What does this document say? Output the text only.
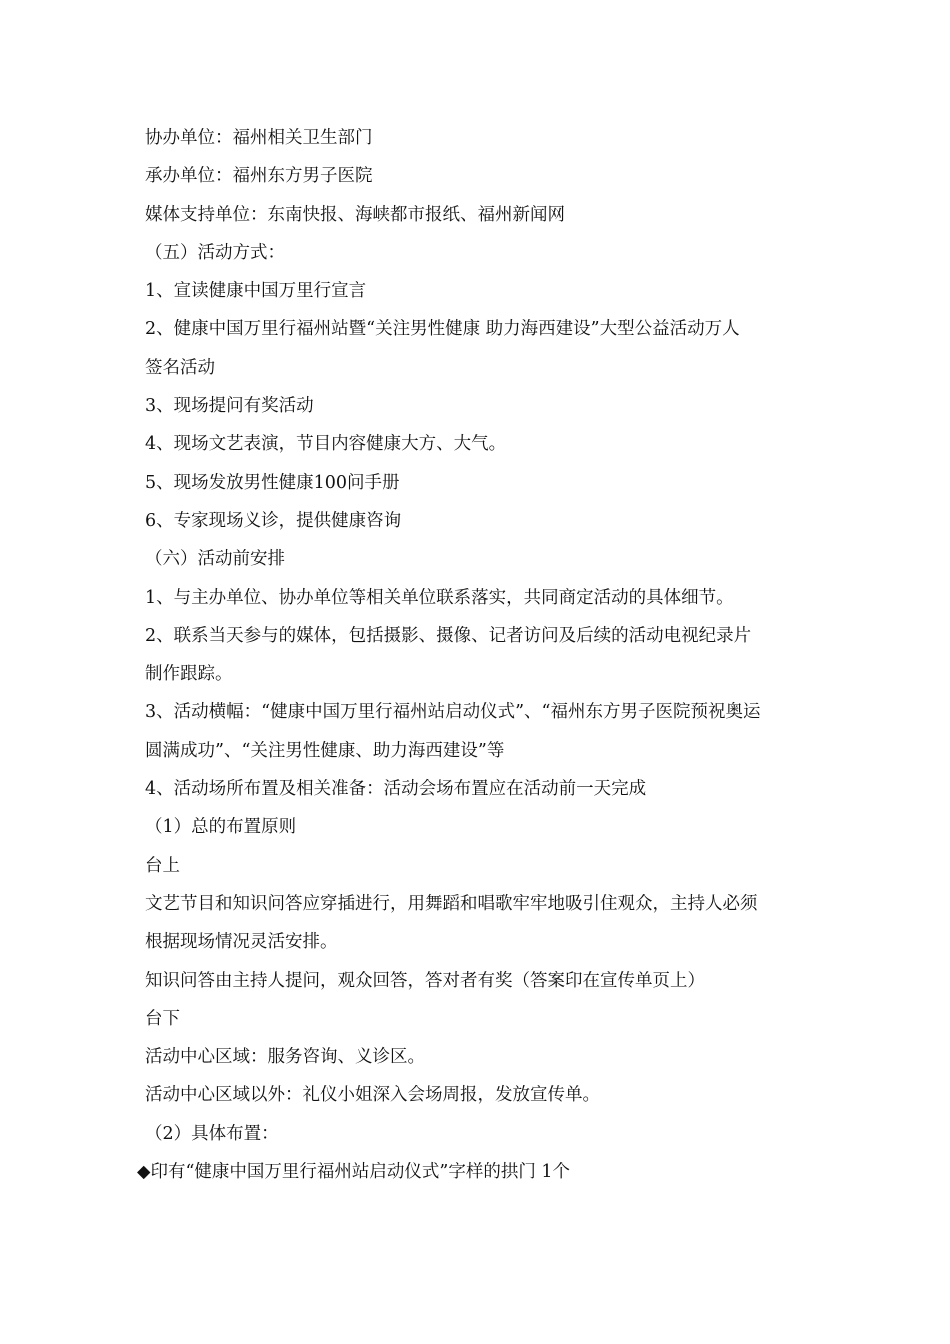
协办单位：福州相关卫生部门
承办单位：福州东方男子医院
媒体支持单位：东南快报、海峡都市报纸、福州新闻网
（五）活动方式：
1、宣读健康中国万里行宣言
2、健康中国万里行福州站暨“关注男性健康 助力海西建设”大型公益活动万人
签名活动
3、现场提问有奖活动
4、现场文艺表演，节目内容健康大方、大气。
5、现场发放男性健康100问手册
6、专家现场义诊，提供健康咨询
（六）活动前安排
1、与主办单位、协办单位等相关单位联系落实，共同商定活动的具体细节。
2、联系当天参与的媒体，包括摄影、摄像、记者访问及后续的活动电视纪录片
制作跟踪。
3、活动横幅：“健康中国万里行福州站启动仪式”、“福州东方男子医院预祝奥运
圆满成功”、“关注男性健康、助力海西建设”等
4、活动场所布置及相关准备：活动会场布置应在活动前一天完成
（1）总的布置原则
台上
文艺节目和知识问答应穿插进行，用舞蹈和唱歌牢牢地吸引住观众，主持人必须
根据现场情况灵活安排。
知识问答由主持人提问，观众回答，答对者有奖（答案印在宣传单页上）
台下
活动中心区域：服务咨询、义诊区。
活动中心区域以外：礼仪小姐深入会场周报，发放宣传单。
（2）具体布置：
◆印有“健康中国万里行福州站启动仪式”字样的拱门 1个
